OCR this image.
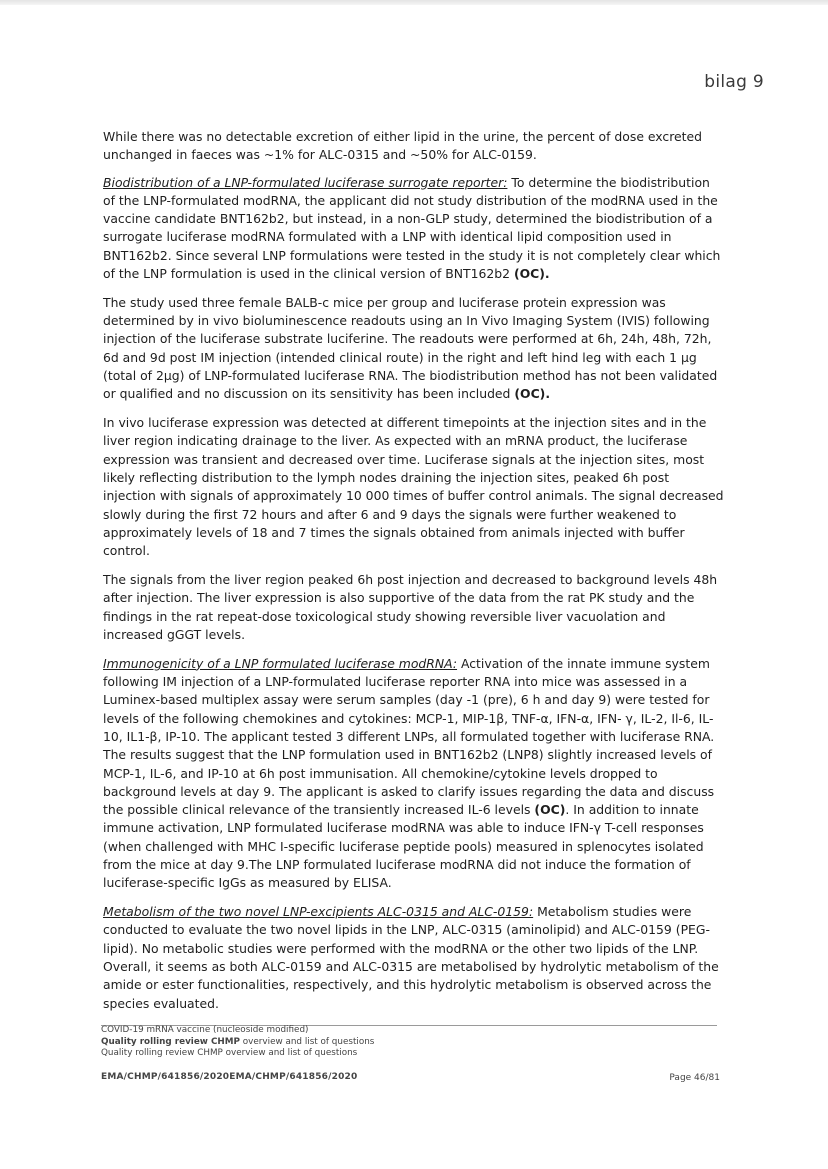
bilag 9

While there was no detectable excretion of either lipid in the urine, the percent of dose excreted unchanged in faeces was ~1% for ALC-0315 and ~50% for ALC-0159.

Biodistribution of a LNP-formulated luciferase surrogate reporter: To determine the biodistribution of the LNP-formulated modRNA, the applicant did not study distribution of the modRNA used in the vaccine candidate BNT162b2, but instead, in a non-GLP study, determined the biodistribution of a surrogate luciferase modRNA formulated with a LNP with identical lipid composition used in BNT162b2. Since several LNP formulations were tested in the study it is not completely clear which of the LNP formulation is used in the clinical version of BNT162b2 (OC).

The study used three female BALB-c mice per group and luciferase protein expression was determined by in vivo bioluminescence readouts using an In Vivo Imaging System (IVIS) following injection of the luciferase substrate luciferine. The readouts were performed at 6h, 24h, 48h, 72h, 6d and 9d post IM injection (intended clinical route) in the right and left hind leg with each 1 µg (total of 2µg) of LNP-formulated luciferase RNA. The biodistribution method has not been validated or qualified and no discussion on its sensitivity has been included (OC).

In vivo luciferase expression was detected at different timepoints at the injection sites and in the liver region indicating drainage to the liver. As expected with an mRNA product, the luciferase expression was transient and decreased over time. Luciferase signals at the injection sites, most likely reflecting distribution to the lymph nodes draining the injection sites, peaked 6h post injection with signals of approximately 10 000 times of buffer control animals. The signal decreased slowly during the first 72 hours and after 6 and 9 days the signals were further weakened to approximately levels of 18 and 7 times the signals obtained from animals injected with buffer control.

The signals from the liver region peaked 6h post injection and decreased to background levels 48h after injection. The liver expression is also supportive of the data from the rat PK study and the findings in the rat repeat-dose toxicological study showing reversible liver vacuolation and increased gGGT levels.

Immunogenicity of a LNP formulated luciferase modRNA: Activation of the innate immune system following IM injection of a LNP-formulated luciferase reporter RNA into mice was assessed in a Luminex-based multiplex assay were serum samples (day -1 (pre), 6 h and day 9) were tested for levels of the following chemokines and cytokines: MCP-1, MIP-1β, TNF-α, IFN-α, IFN- γ, IL-2, Il-6, IL-10, IL1-β, IP-10. The applicant tested 3 different LNPs, all formulated together with luciferase RNA. The results suggest that the LNP formulation used in BNT162b2 (LNP8) slightly increased levels of MCP-1, IL-6, and IP-10 at 6h post immunisation. All chemokine/cytokine levels dropped to background levels at day 9. The applicant is asked to clarify issues regarding the data and discuss the possible clinical relevance of the transiently increased IL-6 levels (OC). In addition to innate immune activation, LNP formulated luciferase modRNA was able to induce IFN-γ T-cell responses (when challenged with MHC I-specific luciferase peptide pools) measured in splenocytes isolated from the mice at day 9.The LNP formulated luciferase modRNA did not induce the formation of luciferase-specific IgGs as measured by ELISA.

Metabolism of the two novel LNP-excipients ALC-0315 and ALC-0159: Metabolism studies were conducted to evaluate the two novel lipids in the LNP, ALC-0315 (aminolipid) and ALC-0159 (PEG-lipid). No metabolic studies were performed with the modRNA or the other two lipids of the LNP. Overall, it seems as both ALC-0159 and ALC-0315 are metabolised by hydrolytic metabolism of the amide or ester functionalities, respectively, and this hydrolytic metabolism is observed across the species evaluated.

COVID-19 mRNA vaccine (nucleoside modified)
Quality rolling review CHMP overview and list of questions
Quality rolling review CHMP overview and list of questions
EMA/CHMP/641856/2020EMA/CHMP/641856/2020	Page 46/81
